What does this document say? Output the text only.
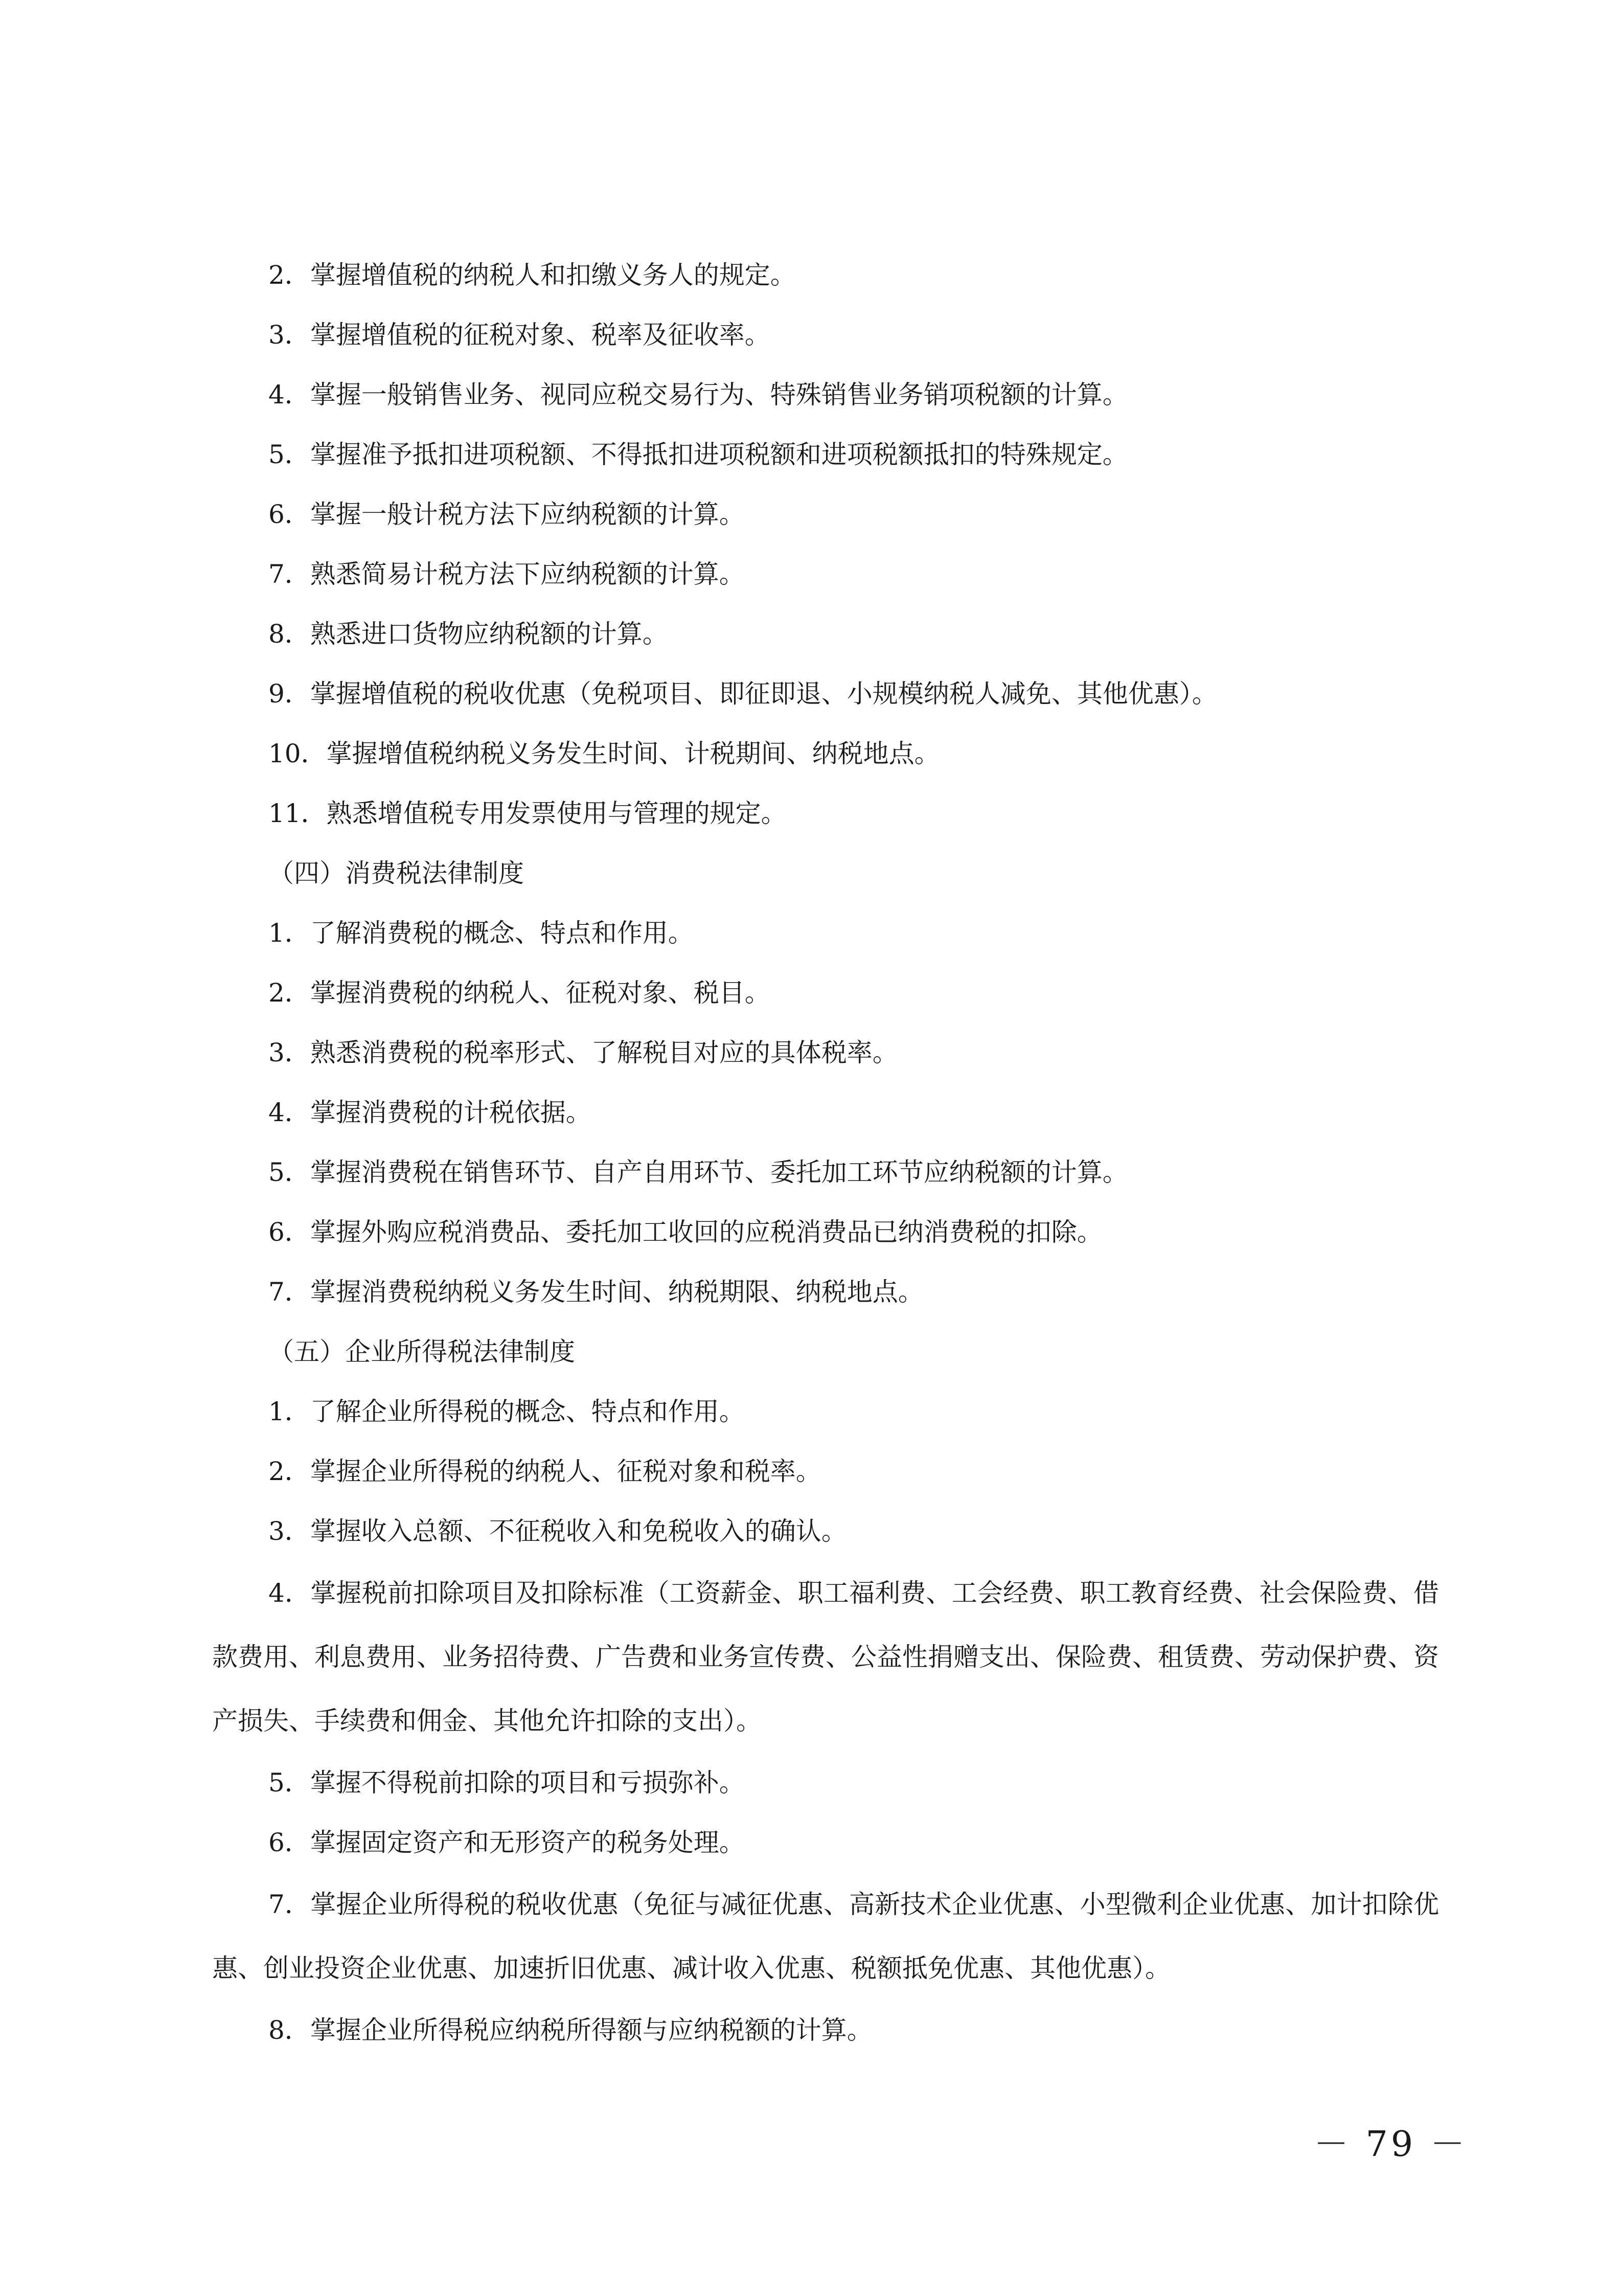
2．掌握增值税的纳税人和扣缴义务人的规定。

3．掌握增值税的征税对象、税率及征收率。

4．掌握一般销售业务、视同应税交易行为、特殊销售业务销项税额的计算。

5．掌握准予抵扣进项税额、不得抵扣进项税额和进项税额抵扣的特殊规定。

6．掌握一般计税方法下应纳税额的计算。

7．熟悉简易计税方法下应纳税额的计算。

8．熟悉进口货物应纳税额的计算。

9．掌握增值税的税收优惠（免税项目、即征即退、小规模纳税人减免、其他优惠）。

10．掌握增值税纳税义务发生时间、计税期间、纳税地点。

11．熟悉增值税专用发票使用与管理的规定。

（四）消费税法律制度

1．了解消费税的概念、特点和作用。

2．掌握消费税的纳税人、征税对象、税目。

3．熟悉消费税的税率形式、了解税目对应的具体税率。

4．掌握消费税的计税依据。

5．掌握消费税在销售环节、自产自用环节、委托加工环节应纳税额的计算。

6．掌握外购应税消费品、委托加工收回的应税消费品已纳消费税的扣除。

7．掌握消费税纳税义务发生时间、纳税期限、纳税地点。

（五）企业所得税法律制度

1．了解企业所得税的概念、特点和作用。

2．掌握企业所得税的纳税人、征税对象和税率。

3．掌握收入总额、不征税收入和免税收入的确认。

4．掌握税前扣除项目及扣除标准（工资薪金、职工福利费、工会经费、职工教育经费、社会保险费、借款费用、利息费用、业务招待费、广告费和业务宣传费、公益性捐赠支出、保险费、租赁费、劳动保护费、资产损失、手续费和佣金、其他允许扣除的支出）。

5．掌握不得税前扣除的项目和亏损弥补。

6．掌握固定资产和无形资产的税务处理。

7．掌握企业所得税的税收优惠（免征与减征优惠、高新技术企业优惠、小型微利企业优惠、加计扣除优惠、创业投资企业优惠、加速折旧优惠、减计收入优惠、税额抵免优惠、其他优惠）。

8．掌握企业所得税应纳税所得额与应纳税额的计算。

－ 79 －
